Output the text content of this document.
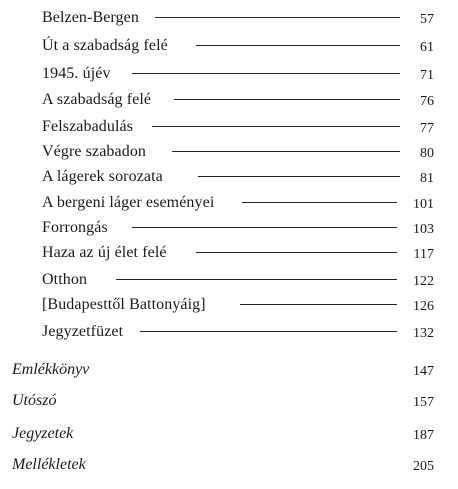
Belzen-Bergen	57
Út a szabadság felé	61
1945. újév	71
A szabadság felé	76
Felszabadulás	77
Végre szabadon	80
A lágerek sorozata	81
A bergeni láger eseményei	101
Forrongás	103
Haza az új élet felé	117
Otthon	122
[Budapesttől Battonyáig]	126
Jegyzetfüzet	132
Emlékkönyv	147
Utószó	157
Jegyzetek	187
Mellékletek	205
